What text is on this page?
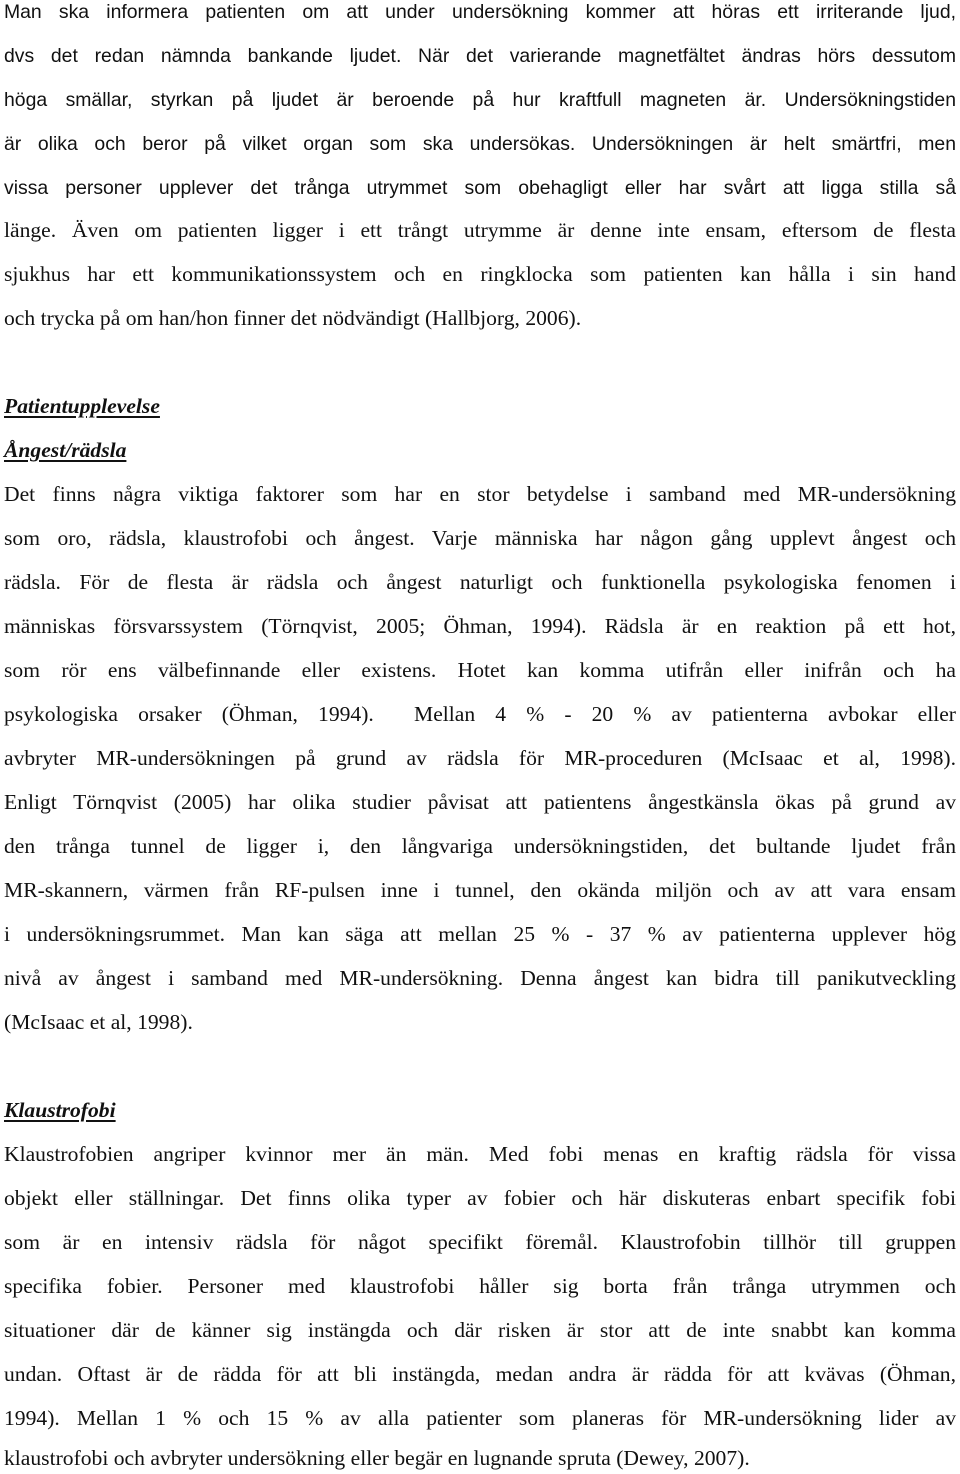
Man ska informera patienten om att under undersökning kommer att höras ett irriterande ljud,
dvs det redan nämnda bankande ljudet. När det varierande magnetfältet ändras hörs dessutom
höga smällar, styrkan på ljudet är beroende på hur kraftfull magneten är. Undersökningstiden
är olika och beror på vilket organ som ska undersökas. Undersökningen är helt smärtfri, men
vissa personer upplever det trånga utrymmet som obehagligt eller har svårt att ligga stilla så
länge. Även om patienten ligger i ett trångt utrymme är denne inte ensam, eftersom de flesta
sjukhus har ett kommunikationssystem och en ringklocka som patienten kan hålla i sin hand
och trycka på om han/hon finner det nödvändigt (Hallbjorg, 2006).
Patientupplevelse
Ångest/rädsla
Det finns några viktiga faktorer som har en stor betydelse i samband med MR-undersökning
som oro, rädsla, klaustrofobi och ångest. Varje människa har någon gång upplevt ångest och
rädsla. För de flesta är rädsla och ångest naturligt och funktionella psykologiska fenomen i
människas försvarssystem (Törnqvist, 2005; Öhman, 1994). Rädsla är en reaktion på ett hot,
som rör ens välbefinnande eller existens. Hotet kan komma utifrån eller inifrån och ha
psykologiska orsaker (Öhman, 1994).  Mellan 4 % - 20 % av patienterna avbokar eller
avbryter MR-undersökningen på grund av rädsla för MR-proceduren (McIsaac et al, 1998).
Enligt Törnqvist (2005) har olika studier påvisat att patientens ångestkänsla ökas på grund av
den trånga tunnel de ligger i, den långvariga undersökningstiden, det bultande ljudet från
MR-skannern, värmen från RF-pulsen inne i tunnel, den okända miljön och av att vara ensam
i undersökningsrummet. Man kan säga att mellan 25 % - 37 % av patienterna upplever hög
nivå av ångest i samband med MR-undersökning. Denna ångest kan bidra till panikutveckling
(McIsaac et al, 1998).
Klaustrofobi
Klaustrofobien angriper kvinnor mer än män. Med fobi menas en kraftig rädsla för vissa
objekt eller ställningar. Det finns olika typer av fobier och här diskuteras enbart specifik fobi
som är en intensiv rädsla för något specifikt föremål. Klaustrofobin tillhör till gruppen
specifika fobier. Personer med klaustrofobi håller sig borta från trånga utrymmen och
situationer där de känner sig instängda och där risken är stor att de inte snabbt kan komma
undan. Oftast är de rädda för att bli instängda, medan andra är rädda för att kvävas (Öhman,
1994). Mellan 1 % och 15 % av alla patienter som planeras för MR-undersökning lider av
klaustrofobi och avbryter undersökning eller begär en lugnande spruta (Dewey, 2007).
